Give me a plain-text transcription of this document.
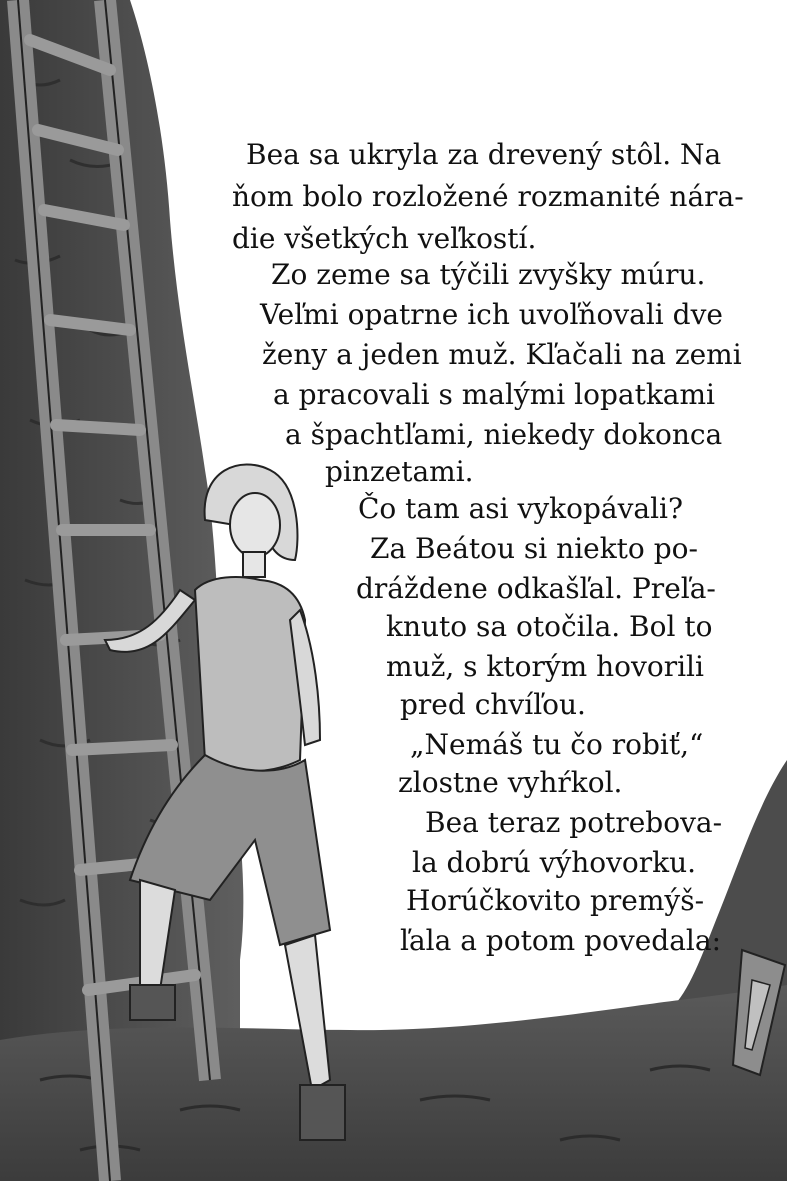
Bea sa ukryla za drevený stôl. Na
ňom bolo rozložené rozmanité nára-
die všetkých veľkostí.
Zo zeme sa týčili zvyšky múru.
Veľmi opatrne ich uvoľňovali dve
ženy a jeden muž. Kľačali na zemi
a pracovali s malými lopatkami
a špachtľami, niekedy dokonca
pinzetami.
Čo tam asi vykopávali?
Za Beátou si niekto po-
dráždene odkašľal. Preľa-
knuto sa otočila. Bol to
muž, s ktorým hovorili
pred chvíľou.
„Nemáš tu čo robiť,“
zlostne vyhŕkol.
Bea teraz potrebova-
la dobrú výhovorku.
Horúčkovito premýš-
ľala a potom povedala:
